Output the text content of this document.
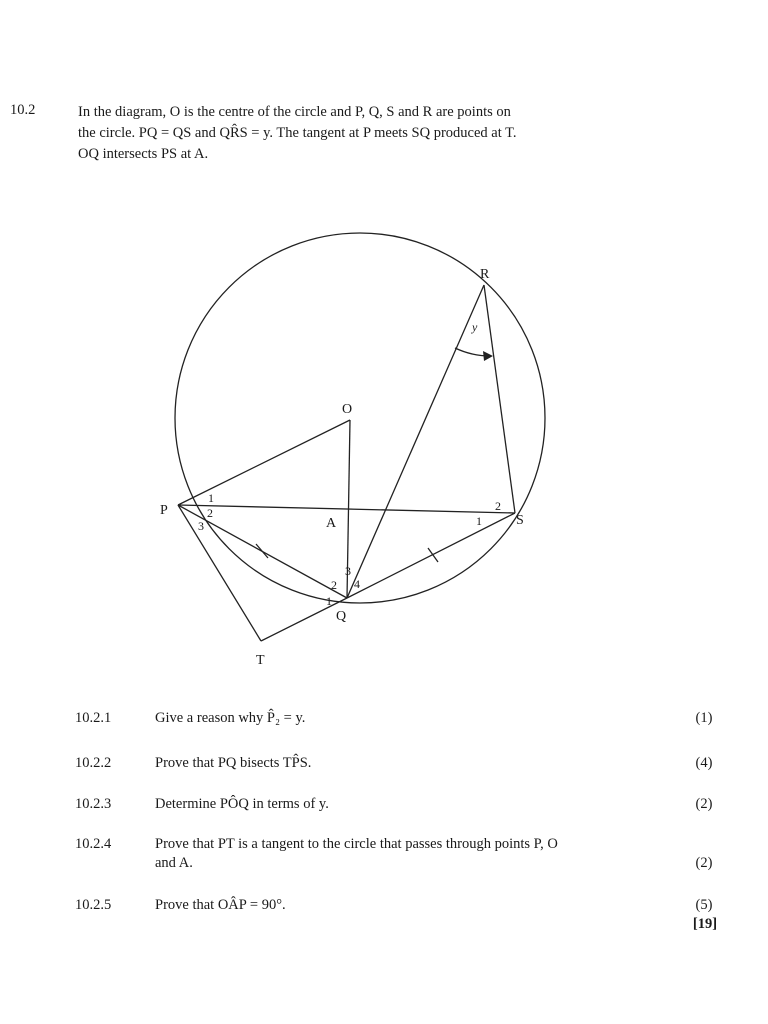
10.2	In the diagram, O is the centre of the circle and P, Q, S and R are points on
the circle. PQ = QS and QR̂S = y. The tangent at P meets SQ produced at T.
OQ intersects PS at A.
R
O
P
S
A
Q
T
y
1
2
3	1
2
1
2
3
4
10.2.1	Give a reason why P̂₂ = y.	(1)
10.2.2	Prove that PQ bisects TP̂S.	(4)
10.2.3	Determine PÔQ in terms of y.	(2)
10.2.4	Prove that PT is a tangent to the circle that passes through points P, O
and A.	(2)
10.2.5	Prove that OÂP = 90°.	(5)
[19]
